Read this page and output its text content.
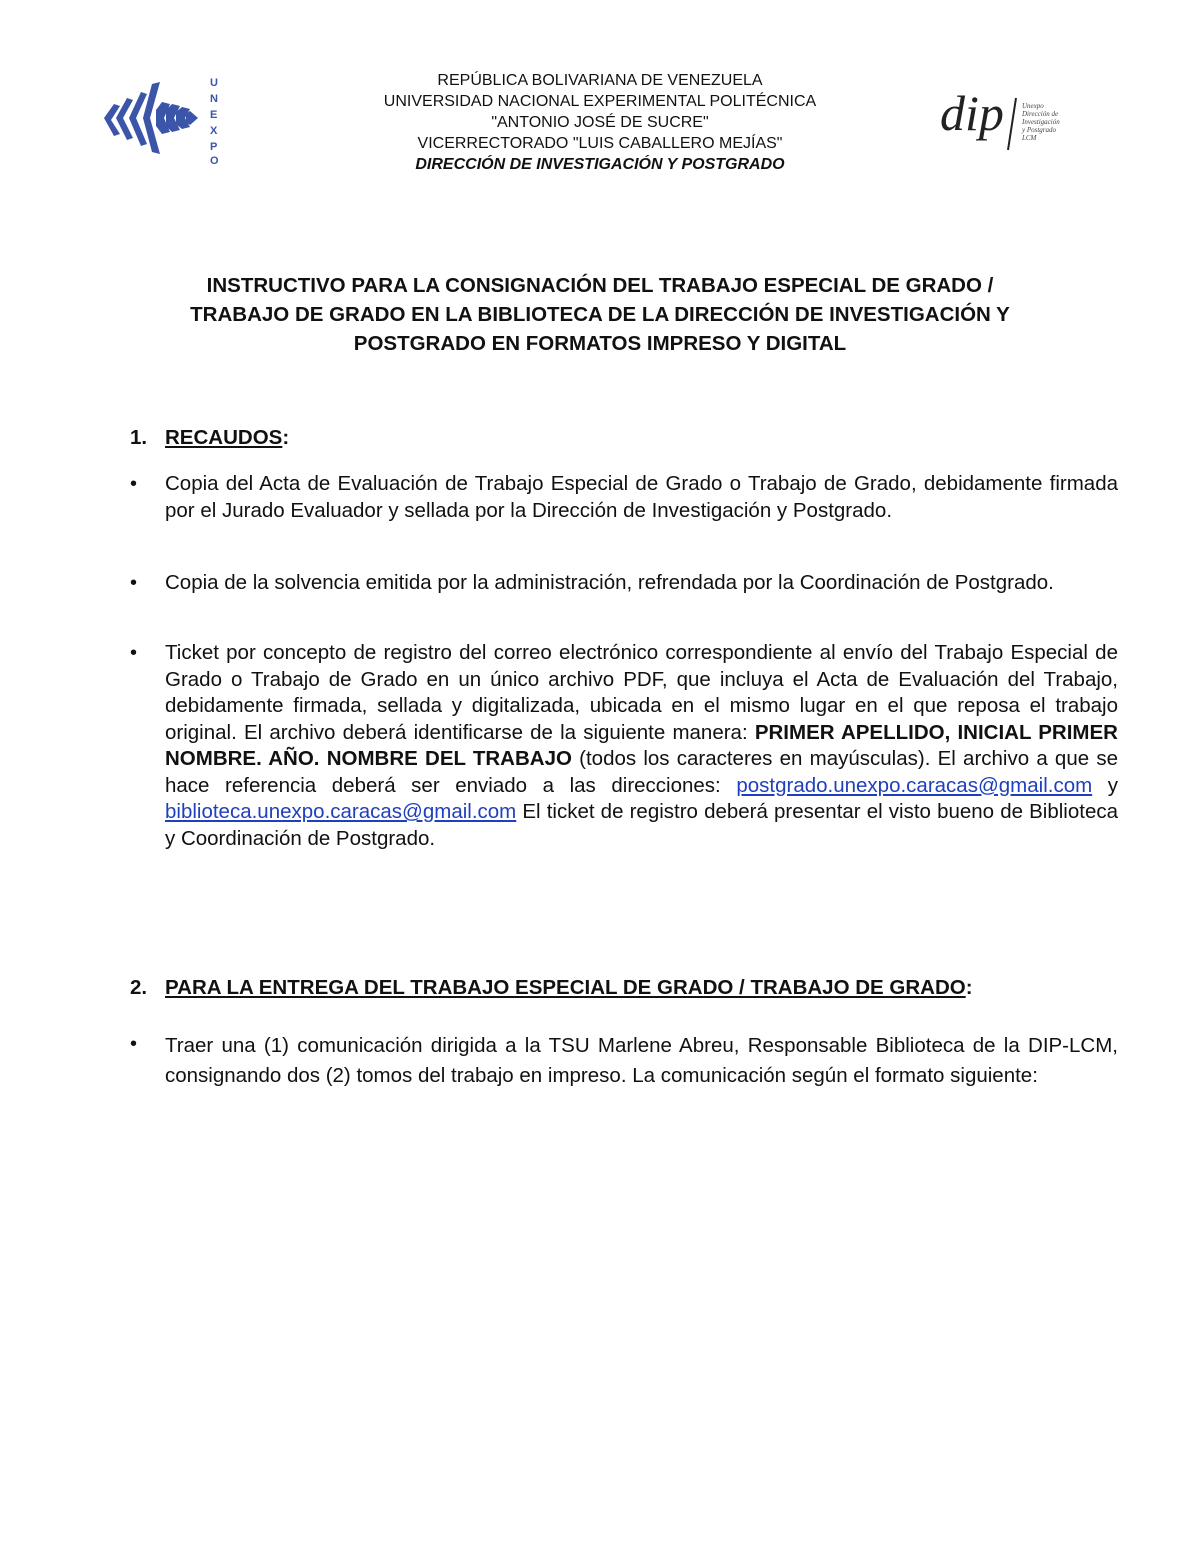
U
N
E
X
P
O
REPÚBLICA BOLIVARIANA DE VENEZUELA
UNIVERSIDAD NACIONAL EXPERIMENTAL POLITÉCNICA
"ANTONIO JOSÉ DE SUCRE"
VICERRECTORADO "LUIS CABALLERO MEJÍAS"
DIRECCIÓN DE INVESTIGACIÓN Y POSTGRADO
dip	Unexpo
Dirección de
Investigación
y Postgrado
LCM
INSTRUCTIVO PARA LA CONSIGNACIÓN DEL TRABAJO ESPECIAL DE GRADO /
TRABAJO DE GRADO EN LA BIBLIOTECA DE LA DIRECCIÓN DE INVESTIGACIÓN Y
POSTGRADO EN FORMATOS IMPRESO Y DIGITAL
1. RECAUDOS:
•	Copia del Acta de Evaluación de Trabajo Especial de Grado o Trabajo de Grado, debidamente firmada por el Jurado Evaluador y sellada por la Dirección de Investigación y Postgrado.
•	Copia de la solvencia emitida por la administración, refrendada por la Coordinación de Postgrado.
•	Ticket por concepto de registro del correo electrónico correspondiente al envío del Trabajo Especial de Grado o Trabajo de Grado en un único archivo PDF, que incluya el Acta de Evaluación del Trabajo, debidamente firmada, sellada y digitalizada, ubicada en el mismo lugar en el que reposa el trabajo original. El archivo deberá identificarse de la siguiente manera: PRIMER APELLIDO, INICIAL PRIMER NOMBRE. AÑO. NOMBRE DEL TRABAJO (todos los caracteres en mayúsculas). El archivo a que se hace referencia deberá ser enviado a las direcciones: postgrado.unexpo.caracas@gmail.com y biblioteca.unexpo.caracas@gmail.com El ticket de registro deberá presentar el visto bueno de Biblioteca y Coordinación de Postgrado.
2. PARA LA ENTREGA DEL TRABAJO ESPECIAL DE GRADO / TRABAJO DE GRADO:
•	Traer una (1) comunicación dirigida a la TSU Marlene Abreu, Responsable Biblioteca de la DIP-LCM, consignando dos (2) tomos del trabajo en impreso. La comunicación según el formato siguiente:
